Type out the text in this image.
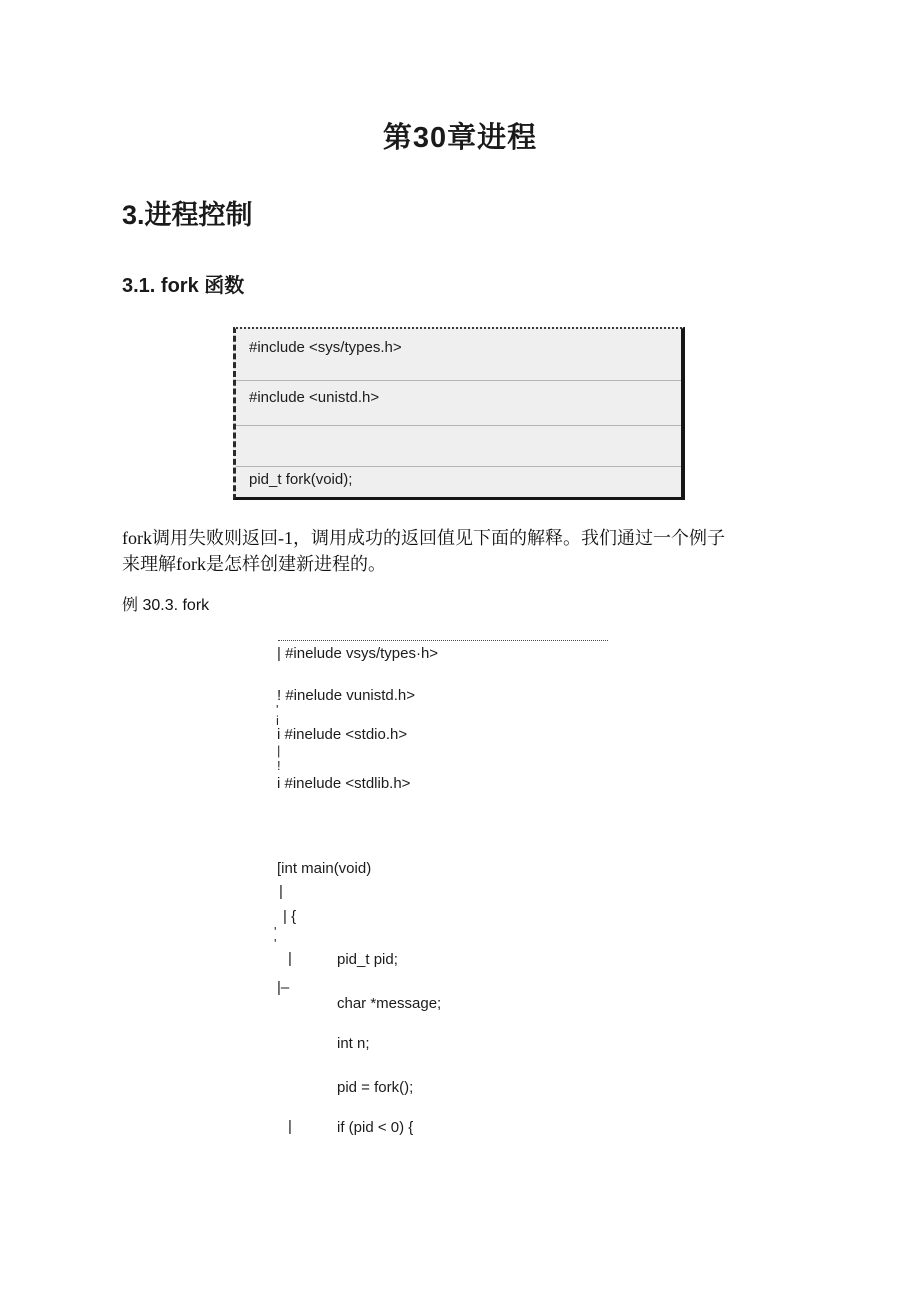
第30章进程
3.进程控制
3.1. fork 函数
#include <sys/types.h>
#include <unistd.h>
pid_t fork(void);
fork调用失败则返回-1，调用成功的返回值见下面的解释。我们通过一个例子
来理解fork是怎样创建新进程的。
例 30.3. fork
| #inelude vsys/types·h>
! #inelude vunistd.h>
i #inelude <stdio.h>
i #inelude <stdlib.h>
[int main(void)
|
| {
|	pid_t pid;
|–
char *message;
int n;
pid = fork();
|	if (pid < 0) {
'
i
|
!
'
'
